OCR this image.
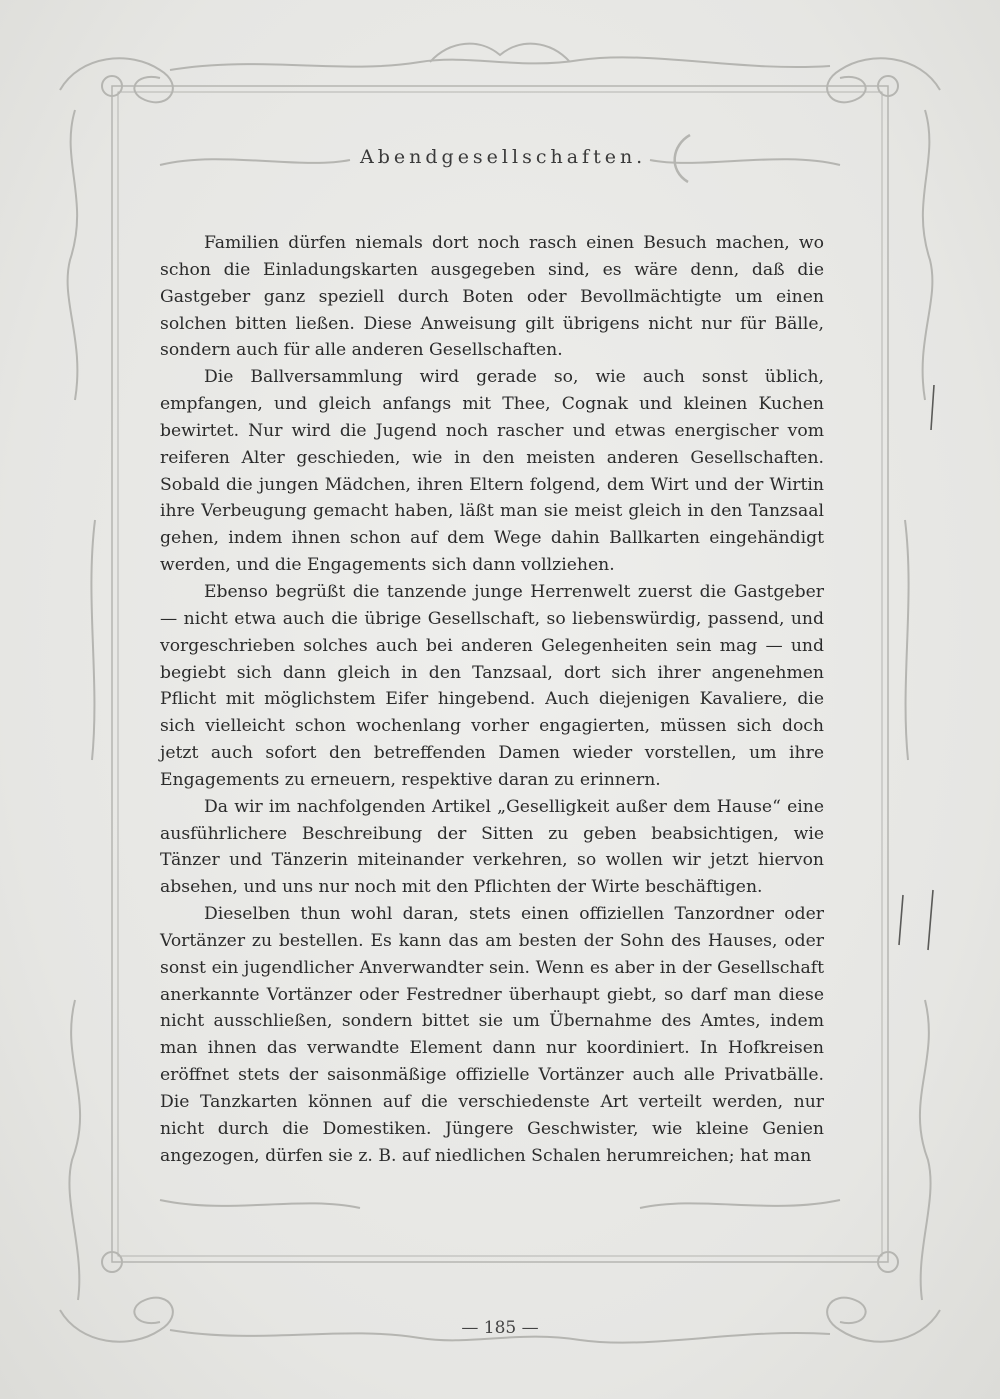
Abendgesellschaften.

Familien dürfen niemals dort noch rasch einen Besuch machen, wo schon die Einladungskarten ausgegeben sind, es wäre denn, daß die Gastgeber ganz speziell durch Boten oder Bevollmächtigte um einen solchen bitten ließen. Diese Anweisung gilt übrigens nicht nur für Bälle, sondern auch für alle anderen Gesellschaften.

Die Ballversammlung wird gerade so, wie auch sonst üblich, empfangen, und gleich anfangs mit Thee, Cognak und kleinen Kuchen bewirtet. Nur wird die Jugend noch rascher und etwas energischer vom reiferen Alter geschieden, wie in den meisten anderen Gesellschaften. Sobald die jungen Mädchen, ihren Eltern folgend, dem Wirt und der Wirtin ihre Verbeugung gemacht haben, läßt man sie meist gleich in den Tanzsaal gehen, indem ihnen schon auf dem Wege dahin Ballkarten eingehändigt werden, und die Engagements sich dann vollziehen.

Ebenso begrüßt die tanzende junge Herrenwelt zuerst die Gastgeber — nicht etwa auch die übrige Gesellschaft, so liebenswürdig, passend, und vorgeschrieben solches auch bei anderen Gelegenheiten sein mag — und begiebt sich dann gleich in den Tanzsaal, dort sich ihrer angenehmen Pflicht mit möglichstem Eifer hingebend. Auch diejenigen Kavaliere, die sich vielleicht schon wochenlang vorher engagierten, müssen sich doch jetzt auch sofort den betreffenden Damen wieder vorstellen, um ihre Engagements zu erneuern, respektive daran zu erinnern.

Da wir im nachfolgenden Artikel „Geselligkeit außer dem Hause“ eine ausführlichere Beschreibung der Sitten zu geben beabsichtigen, wie Tänzer und Tänzerin miteinander verkehren, so wollen wir jetzt hiervon absehen, und uns nur noch mit den Pflichten der Wirte beschäftigen.

Dieselben thun wohl daran, stets einen offiziellen Tanzordner oder Vortänzer zu bestellen. Es kann das am besten der Sohn des Hauses, oder sonst ein jugendlicher Anverwandter sein. Wenn es aber in der Gesellschaft anerkannte Vortänzer oder Festredner überhaupt giebt, so darf man diese nicht ausschließen, sondern bittet sie um Übernahme des Amtes, indem man ihnen das verwandte Element dann nur koordiniert. In Hofkreisen eröffnet stets der saisonmäßige offizielle Vortänzer auch alle Privatbälle. Die Tanzkarten können auf die verschiedenste Art verteilt werden, nur nicht durch die Domestiken. Jüngere Geschwister, wie kleine Genien angezogen, dürfen sie z. B. auf niedlichen Schalen herumreichen; hat man

— 185 —
